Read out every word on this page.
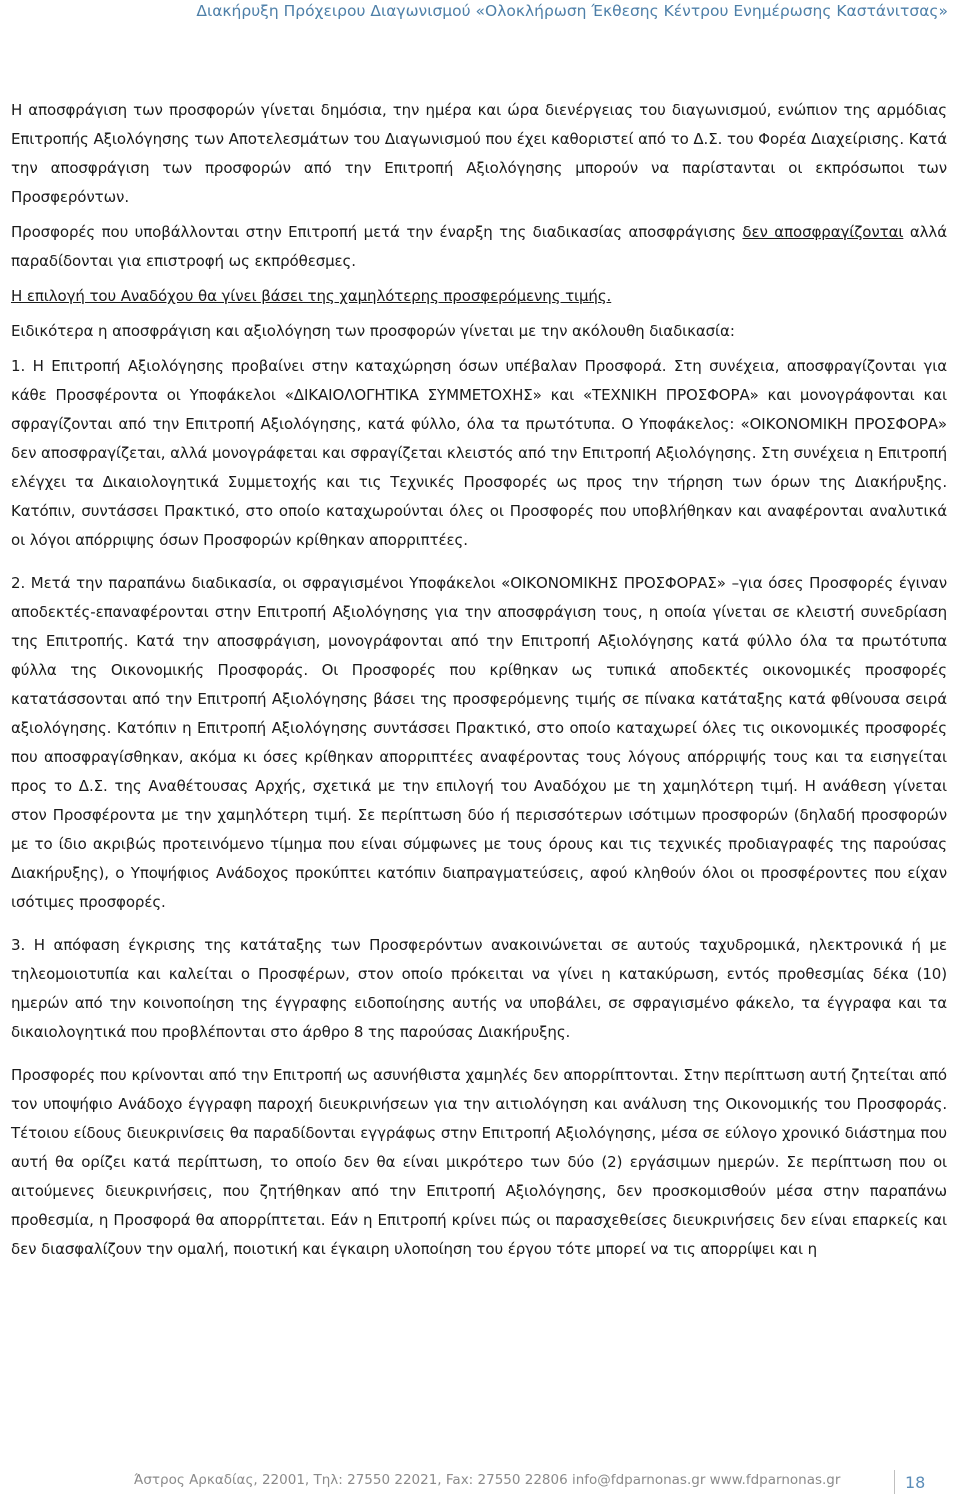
Διακήρυξη Πρόχειρου Διαγωνισμού «Ολοκλήρωση Έκθεσης Κέντρου Ενημέρωσης Καστάνιτσας»

Η αποσφράγιση των προσφορών γίνεται δημόσια, την ημέρα και ώρα διενέργειας του διαγωνισμού, ενώπιον της αρμόδιας Επιτροπής Αξιολόγησης των Αποτελεσμάτων του Διαγωνισμού που έχει καθοριστεί από το Δ.Σ. του Φορέα Διαχείρισης. Κατά την αποσφράγιση των προσφορών από την Επιτροπή Αξιολόγησης μπορούν να παρίστανται οι εκπρόσωποι των Προσφερόντων.

Προσφορές που υποβάλλονται στην Επιτροπή μετά την έναρξη της διαδικασίας αποσφράγισης δεν αποσφραγίζονται αλλά παραδίδονται για επιστροφή ως εκπρόθεσμες.

Η επιλογή του Αναδόχου θα γίνει βάσει της χαμηλότερης προσφερόμενης τιμής.

Ειδικότερα η αποσφράγιση και αξιολόγηση των προσφορών γίνεται με την ακόλουθη διαδικασία:

1. Η Επιτροπή Αξιολόγησης προβαίνει στην καταχώρηση όσων υπέβαλαν Προσφορά. Στη συνέχεια, αποσφραγίζονται για κάθε Προσφέροντα οι Υποφάκελοι «ΔΙΚΑΙΟΛΟΓΗΤΙΚΑ ΣΥΜΜΕΤΟΧΗΣ» και «ΤΕΧΝΙΚΗ ΠΡΟΣΦΟΡΑ» και μονογράφονται και σφραγίζονται από την Επιτροπή Αξιολόγησης, κατά φύλλο, όλα τα πρωτότυπα. Ο Υποφάκελος: «ΟΙΚΟΝΟΜΙΚΗ ΠΡΟΣΦΟΡΑ» δεν αποσφραγίζεται, αλλά μονογράφεται και σφραγίζεται κλειστός από την Επιτροπή Αξιολόγησης. Στη συνέχεια η Επιτροπή ελέγχει τα Δικαιολογητικά Συμμετοχής και τις Τεχνικές Προσφορές ως προς την τήρηση των όρων της Διακήρυξης. Κατόπιν, συντάσσει Πρακτικό, στο οποίο καταχωρούνται όλες οι Προσφορές που υποβλήθηκαν και αναφέρονται αναλυτικά οι λόγοι απόρριψης όσων Προσφορών κρίθηκαν απορριπτέες.

2. Μετά την παραπάνω διαδικασία, οι σφραγισμένοι Υποφάκελοι «ΟΙΚΟΝΟΜΙΚΗΣ ΠΡΟΣΦΟΡΑΣ» –για όσες Προσφορές έγιναν αποδεκτές-επαναφέρονται στην Επιτροπή Αξιολόγησης για την αποσφράγιση τους, η οποία γίνεται σε κλειστή συνεδρίαση της Επιτροπής. Κατά την αποσφράγιση, μονογράφονται από την Επιτροπή Αξιολόγησης κατά φύλλο όλα τα πρωτότυπα φύλλα της Οικονομικής Προσφοράς. Οι Προσφορές που κρίθηκαν ως τυπικά αποδεκτές οικονομικές προσφορές κατατάσσονται από την Επιτροπή Αξιολόγησης βάσει της προσφερόμενης τιμής σε πίνακα κατάταξης κατά φθίνουσα σειρά αξιολόγησης. Κατόπιν η Επιτροπή Αξιολόγησης συντάσσει Πρακτικό, στο οποίο καταχωρεί όλες τις οικονομικές προσφορές που αποσφραγίσθηκαν, ακόμα κι όσες κρίθηκαν απορριπτέες αναφέροντας τους λόγους απόρριψής τους και τα εισηγείται προς το Δ.Σ. της Αναθέτουσας Αρχής, σχετικά με την επιλογή του Αναδόχου με τη χαμηλότερη τιμή. Η ανάθεση γίνεται στον Προσφέροντα με την χαμηλότερη τιμή. Σε περίπτωση δύο ή περισσότερων ισότιμων προσφορών (δηλαδή προσφορών με το ίδιο ακριβώς προτεινόμενο τίμημα που είναι σύμφωνες με τους όρους και τις τεχνικές προδιαγραφές της παρούσας Διακήρυξης), ο Υποψήφιος Ανάδοχος προκύπτει κατόπιν διαπραγματεύσεις, αφού κληθούν όλοι οι προσφέροντες που είχαν ισότιμες προσφορές.

3. Η απόφαση έγκρισης της κατάταξης των Προσφερόντων ανακοινώνεται σε αυτούς ταχυδρομικά, ηλεκτρονικά ή με τηλεομοιοτυπία και καλείται ο Προσφέρων, στον οποίο πρόκειται να γίνει η κατακύρωση, εντός προθεσμίας δέκα (10) ημερών από την κοινοποίηση της έγγραφης ειδοποίησης αυτής να υποβάλει, σε σφραγισμένο φάκελο, τα έγγραφα και τα δικαιολογητικά που προβλέπονται στο άρθρο 8 της παρούσας Διακήρυξης.

Προσφορές που κρίνονται από την Επιτροπή ως ασυνήθιστα χαμηλές δεν απορρίπτονται. Στην περίπτωση αυτή ζητείται από τον υποψήφιο Ανάδοχο έγγραφη παροχή διευκρινήσεων για την αιτιολόγηση και ανάλυση της Οικονομικής του Προσφοράς. Τέτοιου είδους διευκρινίσεις θα παραδίδονται εγγράφως στην Επιτροπή Αξιολόγησης, μέσα σε εύλογο χρονικό διάστημα που αυτή θα ορίζει κατά περίπτωση, το οποίο δεν θα είναι μικρότερο των δύο (2) εργάσιμων ημερών. Σε περίπτωση που οι αιτούμενες διευκρινήσεις, που ζητήθηκαν από την Επιτροπή Αξιολόγησης, δεν προσκομισθούν μέσα στην παραπάνω προθεσμία, η Προσφορά θα απορρίπτεται. Εάν η Επιτροπή κρίνει πώς οι παρασχεθείσες διευκρινήσεις δεν είναι επαρκείς και δεν διασφαλίζουν την ομαλή, ποιοτική και έγκαιρη υλοποίηση του έργου τότε μπορεί να τις απορρίψει και η

Άστρος Αρκαδίας, 22001, Τηλ: 27550 22021, Fax: 27550 22806 info@fdparnonas.gr www.fdparnonas.gr	18
